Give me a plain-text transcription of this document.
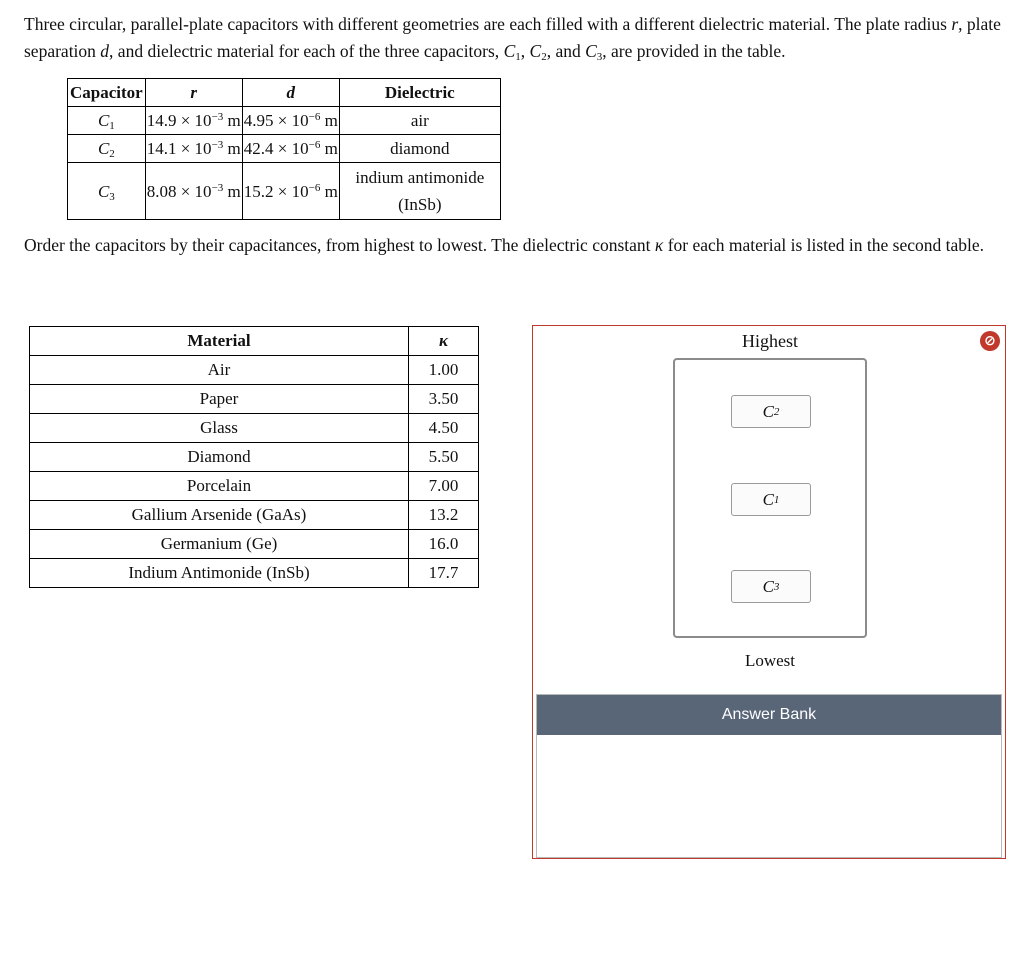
Three circular, parallel-plate capacitors with different geometries are each filled with a different dielectric material. The plate radius r, plate separation d, and dielectric material for each of the three capacitors, $C_1$, $C_2$, and $C_3$, are provided in the table.

Capacitor	r	d	Dielectric
$C_1$	$14.9 \times 10^{-3}$ m	$4.95 \times 10^{-6}$ m	air
$C_2$	$14.1 \times 10^{-3}$ m	$42.4 \times 10^{-6}$ m	diamond
$C_3$	$8.08 \times 10^{-3}$ m	$15.2 \times 10^{-6}$ m	indium antimonide
(InSb)

Order the capacitors by their capacitances, from highest to lowest. The dielectric constant κ for each material is listed in the second table.

Material	κ
Air	1.00
Paper	3.50
Glass	4.50
Diamond	5.50
Porcelain	7.00
Gallium Arsenide (GaAs)	13.2
Germanium (Ge)	16.0
Indium Antimonide (InSb)	17.7
Highest	⊘
C 2
C 1
C 3
Lowest
Answer Bank
